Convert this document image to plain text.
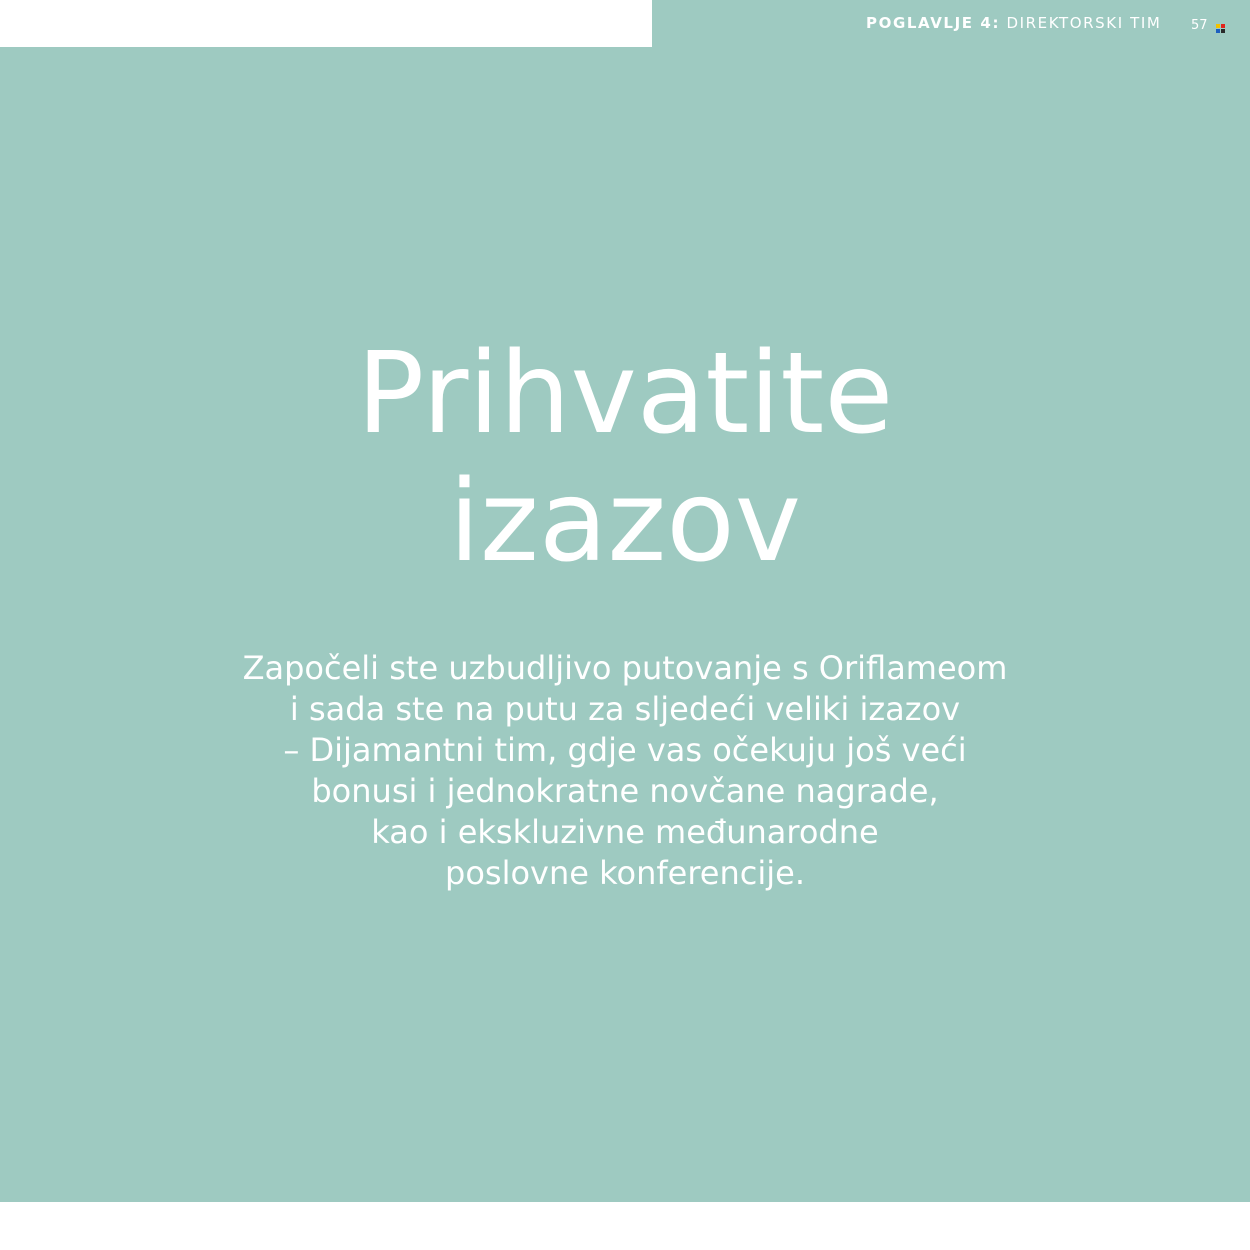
POGLAVLJE 4: DIREKTORSKI TIM 57
Prihvatite
izazov

Započeli ste uzbudljivo putovanje s Oriflameom
i sada ste na putu za sljedeći veliki izazov
– Dijamantni tim, gdje vas očekuju još veći
bonusi i jednokratne novčane nagrade,
kao i ekskluzivne međunarodne
poslovne konferencije.
